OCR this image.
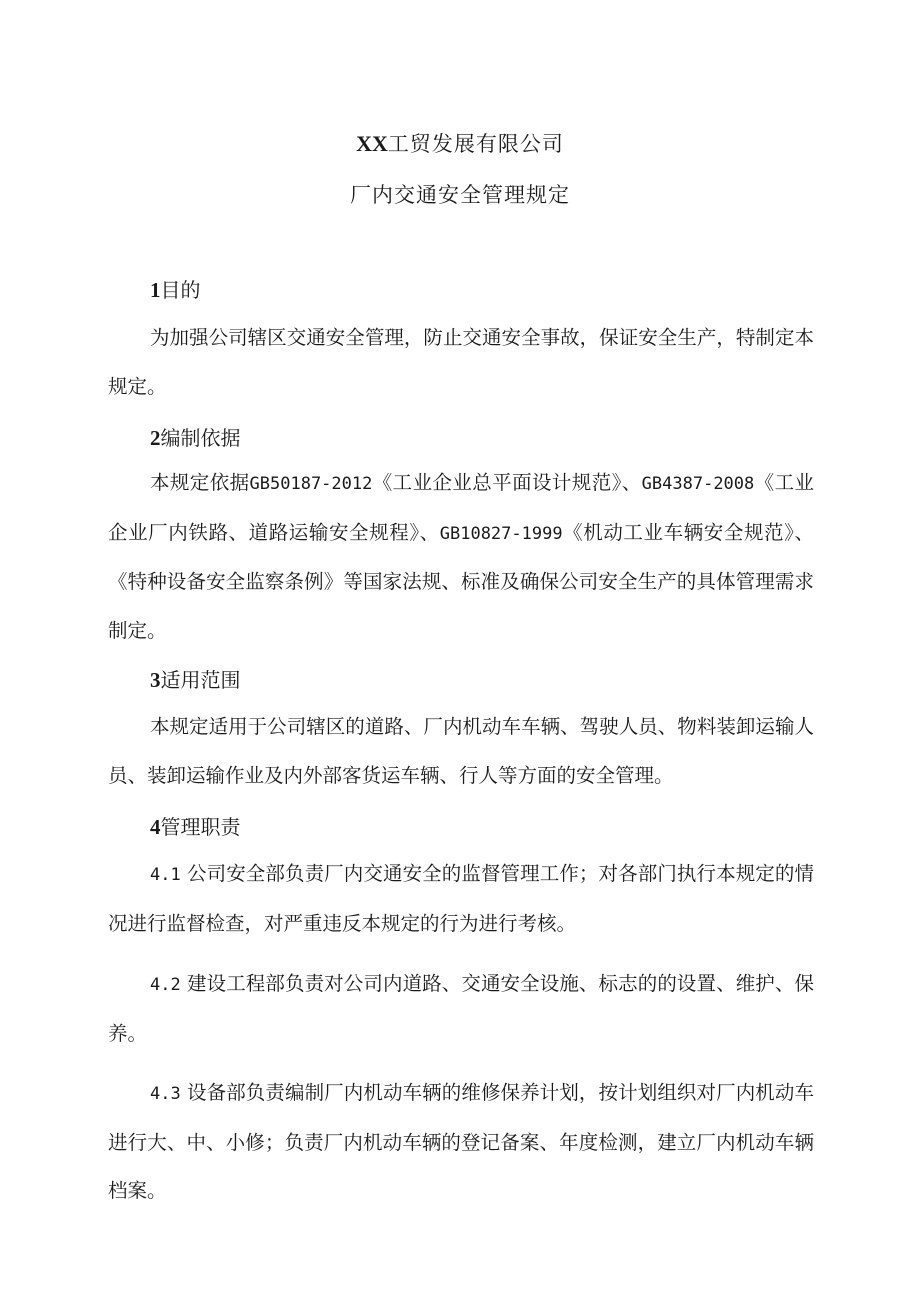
XX工贸发展有限公司
厂内交通安全管理规定
1目的
为加强公司辖区交通安全管理，防止交通安全事故，保证安全生产，特制定本规定。
2编制依据
本规定依据GB50187-2012《工业企业总平面设计规范》、GB4387-2008《工业企业厂内铁路、道路运输安全规程》、GB10827-1999《机动工业车辆安全规范》、《特种设备安全监察条例》等国家法规、标准及确保公司安全生产的具体管理需求制定。
3适用范围
本规定适用于公司辖区的道路、厂内机动车车辆、驾驶人员、物料装卸运输人员、装卸运输作业及内外部客货运车辆、行人等方面的安全管理。
4管理职责
4.1 公司安全部负责厂内交通安全的监督管理工作；对各部门执行本规定的情况进行监督检查，对严重违反本规定的行为进行考核。
4.2 建设工程部负责对公司内道路、交通安全设施、标志的的设置、维护、保养。
4.3 设备部负责编制厂内机动车辆的维修保养计划，按计划组织对厂内机动车进行大、中、小修；负责厂内机动车辆的登记备案、年度检测，建立厂内机动车辆档案。
